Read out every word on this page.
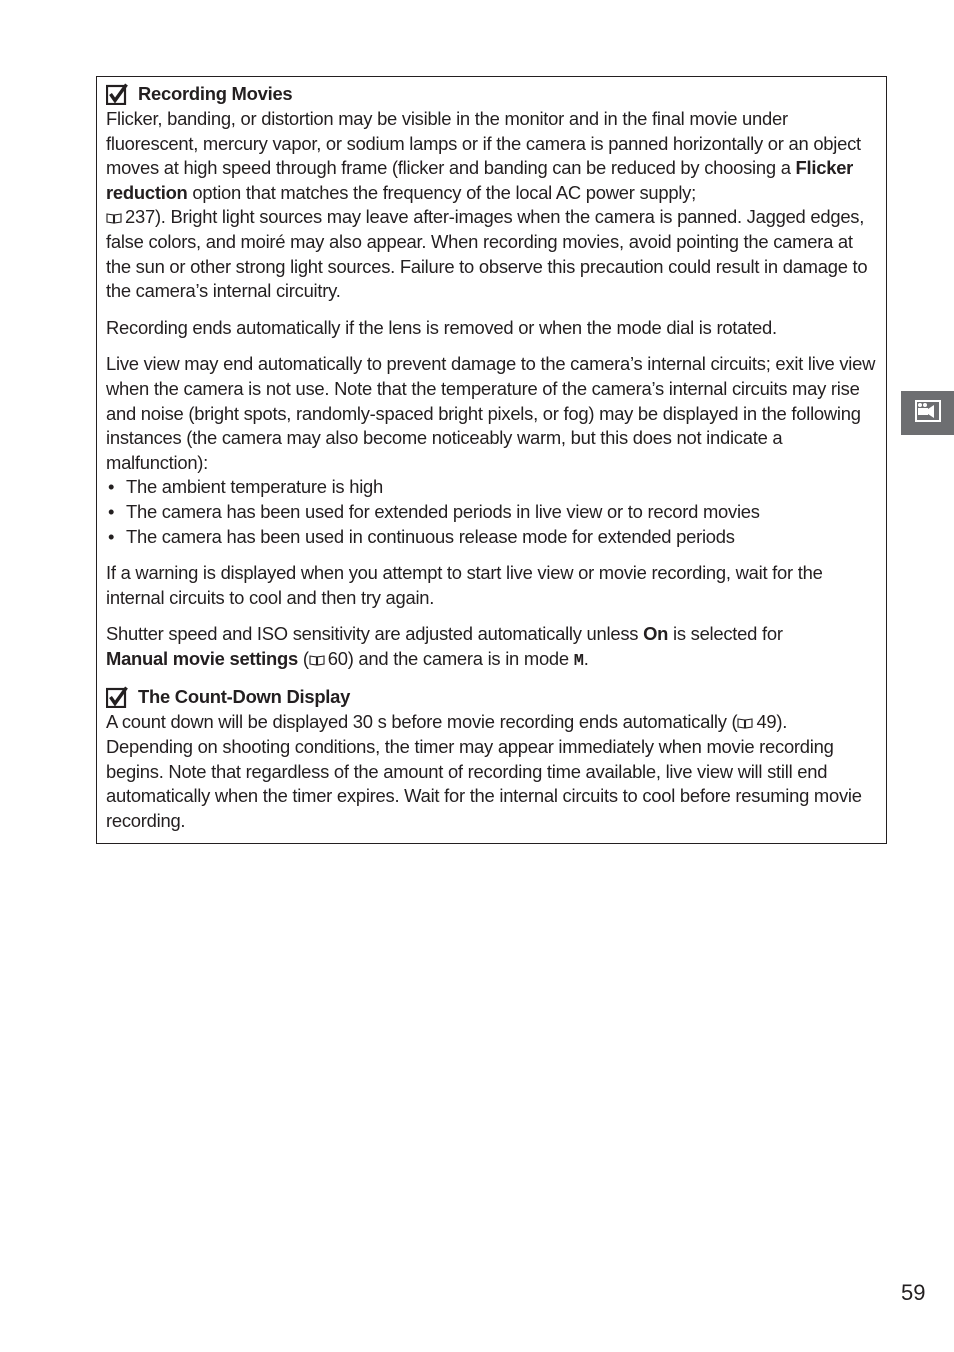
Recording Movies

Flicker, banding, or distortion may be visible in the monitor and in the final movie under fluorescent, mercury vapor, or sodium lamps or if the camera is panned horizontally or an object moves at high speed through frame (flicker and banding can be reduced by choosing a Flicker reduction option that matches the frequency of the local AC power supply;

237). Bright light sources may leave after-images when the camera is panned. Jagged edges, false colors, and moiré may also appear. When recording movies, avoid pointing the camera at the sun or other strong light sources. Failure to observe this precaution could result in damage to the camera’s internal circuitry.

Recording ends automatically if the lens is removed or when the mode dial is rotated.

Live view may end automatically to prevent damage to the camera’s internal circuits; exit live view when the camera is not use. Note that the temperature of the camera’s internal circuits may rise and noise (bright spots, randomly-spaced bright pixels, or fog) may be displayed in the following instances (the camera may also become noticeably warm, but this does not indicate a malfunction):

• The ambient temperature is high
• The camera has been used for extended periods in live view or to record movies
• The camera has been used in continuous release mode for extended periods

If a warning is displayed when you attempt to start live view or movie recording, wait for the internal circuits to cool and then try again.

Shutter speed and ISO sensitivity are adjusted automatically unless On is selected for
Manual movie settings ( 60) and the camera is in mode M.

The Count-Down Display

A count down will be displayed 30 s before movie recording ends automatically ( 49). Depending on shooting conditions, the timer may appear immediately when movie recording begins. Note that regardless of the amount of recording time available, live view will still end automatically when the timer expires. Wait for the internal circuits to cool before resuming movie recording.

59
